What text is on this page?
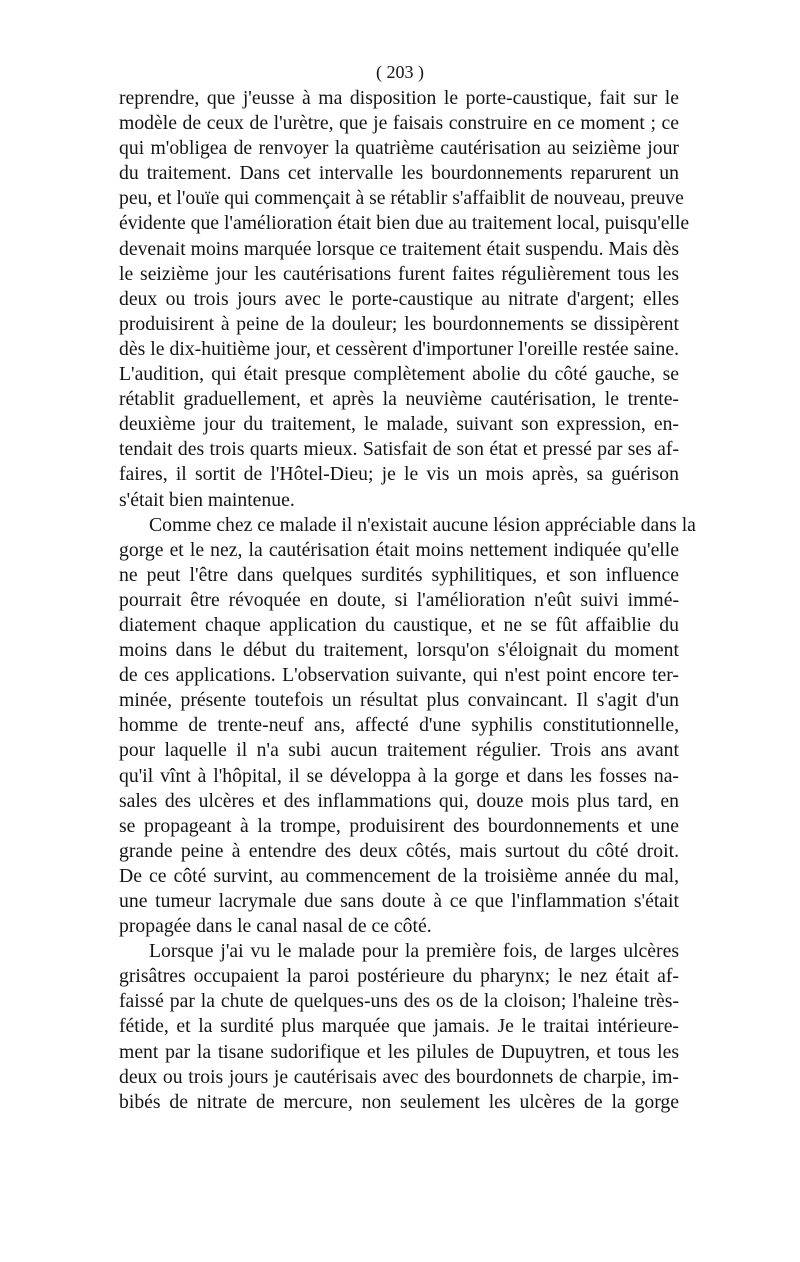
( 203 )
reprendre, que j'eusse à ma disposition le porte-caustique, fait sur le
modèle de ceux de l'urètre, que je faisais construire en ce moment ; ce
qui m'obligea de renvoyer la quatrième cautérisation au seizième jour
du traitement. Dans cet intervalle les bourdonnements reparurent un
peu, et l'ouïe qui commençait à se rétablir s'affaiblit de nouveau, preuve
évidente que l'amélioration était bien due au traitement local, puisqu'elle
devenait moins marquée lorsque ce traitement était suspendu. Mais dès
le seizième jour les cautérisations furent faites régulièrement tous les
deux ou trois jours avec le porte-caustique au nitrate d'argent; elles
produisirent à peine de la douleur; les bourdonnements se dissipèrent
dès le dix-huitième jour, et cessèrent d'importuner l'oreille restée saine.
L'audition, qui était presque complètement abolie du côté gauche, se
rétablit graduellement, et après la neuvième cautérisation, le trente-
deuxième jour du traitement, le malade, suivant son expression, en-
tendait des trois quarts mieux. Satisfait de son état et pressé par ses af-
faires, il sortit de l'Hôtel-Dieu; je le vis un mois après, sa guérison
s'était bien maintenue.
Comme chez ce malade il n'existait aucune lésion appréciable dans la
gorge et le nez, la cautérisation était moins nettement indiquée qu'elle
ne peut l'être dans quelques surdités syphilitiques, et son influence
pourrait être révoquée en doute, si l'amélioration n'eût suivi immé-
diatement chaque application du caustique, et ne se fût affaiblie du
moins dans le début du traitement, lorsqu'on s'éloignait du moment
de ces applications. L'observation suivante, qui n'est point encore ter-
minée, présente toutefois un résultat plus convaincant. Il s'agit d'un
homme de trente-neuf ans, affecté d'une syphilis constitutionnelle,
pour laquelle il n'a subi aucun traitement régulier. Trois ans avant
qu'il vînt à l'hôpital, il se développa à la gorge et dans les fosses na-
sales des ulcères et des inflammations qui, douze mois plus tard, en
se propageant à la trompe, produisirent des bourdonnements et une
grande peine à entendre des deux côtés, mais surtout du côté droit.
De ce côté survint, au commencement de la troisième année du mal,
une tumeur lacrymale due sans doute à ce que l'inflammation s'était
propagée dans le canal nasal de ce côté.
Lorsque j'ai vu le malade pour la première fois, de larges ulcères
grisâtres occupaient la paroi postérieure du pharynx; le nez était af-
faissé par la chute de quelques-uns des os de la cloison; l'haleine très-
fétide, et la surdité plus marquée que jamais. Je le traitai intérieure-
ment par la tisane sudorifique et les pilules de Dupuytren, et tous les
deux ou trois jours je cautérisais avec des bourdonnets de charpie, im-
bibés de nitrate de mercure, non seulement les ulcères de la gorge
